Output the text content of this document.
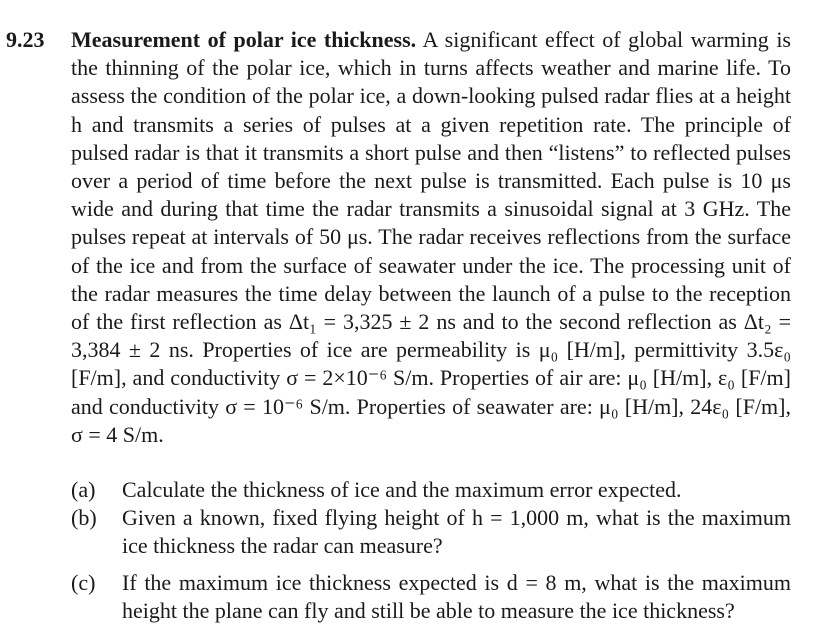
9.23 Measurement of polar ice thickness. A significant effect of global warming is the thinning of the polar ice, which in turns affects weather and marine life. To assess the condition of the polar ice, a down-looking pulsed radar flies at a height h and transmits a series of pulses at a given repetition rate. The principle of pulsed radar is that it transmits a short pulse and then “listens” to reflected pulses over a period of time before the next pulse is transmitted. Each pulse is 10 μs wide and during that time the radar transmits a sinusoidal signal at 3 GHz. The pulses repeat at intervals of 50 μs. The radar receives reflections from the surface of the ice and from the surface of seawater under the ice. The processing unit of the radar measures the time delay between the launch of a pulse to the reception of the first reflection as Δt₁ = 3,325 ± 2 ns and to the second reflection as Δt₂ = 3,384 ± 2 ns. Properties of ice are permeability is μ₀ [H/m], permittivity 3.5ε₀ [F/m], and conductivity σ = 2×10⁻⁶ S/m. Properties of air are: μ₀ [H/m], ε₀ [F/m] and conductivity σ = 10⁻⁶ S/m. Properties of seawater are: μ₀ [H/m], 24ε₀ [F/m], σ = 4 S/m.
(a) Calculate the thickness of ice and the maximum error expected.
(b) Given a known, fixed flying height of h = 1,000 m, what is the maximum ice thickness the radar can measure?
(c) If the maximum ice thickness expected is d = 8 m, what is the maximum height the plane can fly and still be able to measure the ice thickness?
